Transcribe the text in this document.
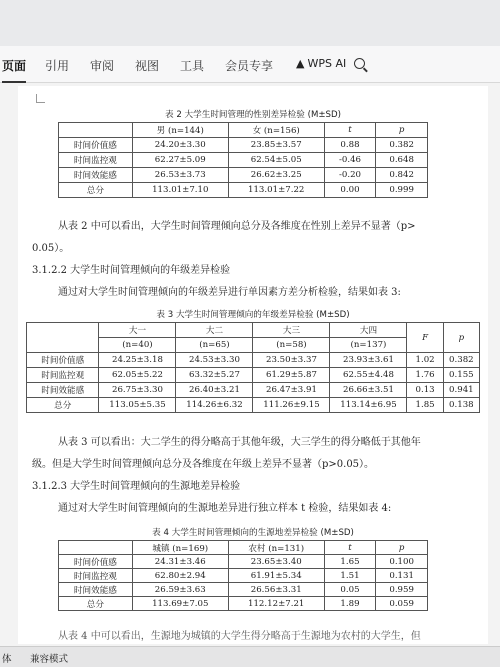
页面 引用 审阅 视图 工具 会员专享 ▲ WPS AI
表 2 大学生时间管理的性别差异检验 (M±SD)
	男 (n=144)	女 (n=156)	t	p
时间价值感	24.20±3.30	23.85±3.57	0.88	0.382
时间监控观	62.27±5.09	62.54±5.05	-0.46	0.648
时间效能感	26.53±3.73	26.62±3.25	-0.20	0.842
总分	113.01±7.10	113.01±7.22	0.00	0.999
从表 2 中可以看出，大学生时间管理倾向总分及各维度在性别上差异不显著（p>
0.05）。
3.1.2.2 大学生时间管理倾向的年级差异检验
通过对大学生时间管理倾向的年级差异进行单因素方差分析检验，结果如表 3:
表 3 大学生时间管理倾向的年级差异检验 (M±SD)
	大一	大二	大三	大四	F	p
	(n=40)	(n=65)	(n=58)	(n=137)		
时间价值感	24.25±3.18	24.53±3.30	23.50±3.37	23.93±3.61	1.02	0.382
时间监控观	62.05±5.22	63.32±5.27	61.29±5.87	62.55±4.48	1.76	0.155
时间效能感	26.75±3.30	26.40±3.21	26.47±3.91	26.66±3.51	0.13	0.941
总分	113.05±5.35	114.26±6.32	111.26±9.15	113.14±6.95	1.85	0.138
从表 3 可以看出：大二学生的得分略高于其他年级，大三学生的得分略低于其他年
级。但是大学生时间管理倾向总分及各维度在年级上差异不显著（p>0.05）。
3.1.2.3 大学生时间管理倾向的生源地差异检验
通过对大学生时间管理倾向的生源地差异进行独立样本 t 检验，结果如表 4:
表 4 大学生时间管理倾向的生源地差异检验 (M±SD)
	城镇 (n=169)	农村 (n=131)	t	p
时间价值感	24.31±3.46	23.65±3.40	1.65	0.100
时间监控观	62.80±2.94	61.91±5.34	1.51	0.131
时间效能感	26.59±3.63	26.56±3.31	0.05	0.959
总分	113.69±7.05	112.12±7.21	1.89	0.059
从表 4 中可以看出，生源地为城镇的大学生得分略高于生源地为农村的大学生，但
体 兼容模式
